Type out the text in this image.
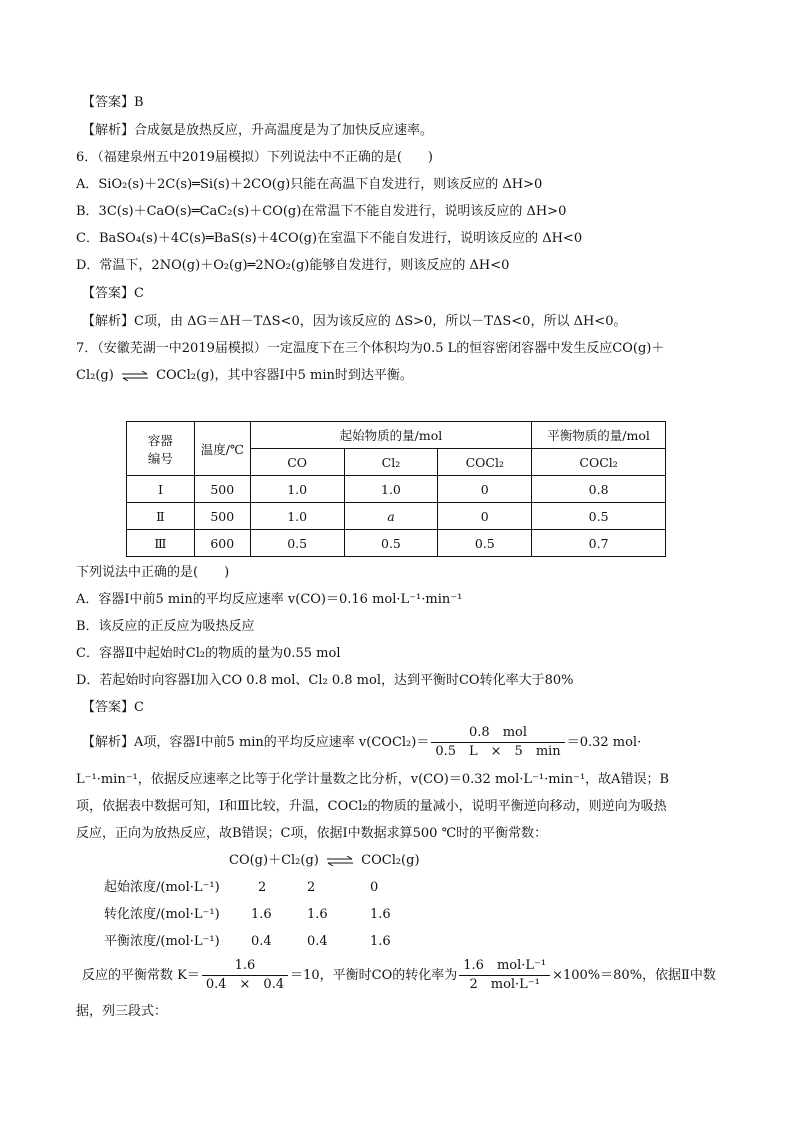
【答案】B
【解析】合成氨是放热反应，升高温度是为了加快反应速率。
6．（福建泉州五中2019届模拟）下列说法中不正确的是(　　)
A．SiO₂(s)＋2C(s)═Si(s)＋2CO(g)只能在高温下自发进行，则该反应的 ΔH>0
B．3C(s)＋CaO(s)═CaC₂(s)＋CO(g)在常温下不能自发进行，说明该反应的 ΔH>0
C．BaSO₄(s)＋4C(s)═BaS(s)＋4CO(g)在室温下不能自发进行，说明该反应的 ΔH<0
D．常温下，2NO(g)＋O₂(g)═2NO₂(g)能够自发进行，则该反应的 ΔH<0
【答案】C
【解析】C项，由 ΔG＝ΔH－TΔS<0，因为该反应的 ΔS>0，所以－TΔS<0，所以 ΔH<0。
7．（安徽芜湖一中2019届模拟）一定温度下在三个体积均为0.5 L的恒容密闭容器中发生反应CO(g)＋
Cl₂(g) ⇌ COCl₂(g)，其中容器Ⅰ中5 min时到达平衡。
容器
编号	温度/℃	起始物质的量/mol			平衡物质的量/mol
		CO	Cl₂	COCl₂	COCl₂
Ⅰ	500	1.0	1.0	0	0.8
Ⅱ	500	1.0	a	0	0.5
Ⅲ	600	0.5	0.5	0.5	0.7
下列说法中正确的是(　　)
A．容器Ⅰ中前5 min的平均反应速率 v(CO)＝0.16 mol·L⁻¹·min⁻¹
B．该反应的正反应为吸热反应
C．容器Ⅱ中起始时Cl₂的物质的量为0.55 mol
D．若起始时向容器Ⅰ加入CO 0.8 mol、Cl₂ 0.8 mol，达到平衡时CO转化率大于80%
【答案】C
【解析】A项，容器Ⅰ中前5 min的平均反应速率 v(COCl₂)＝ $\frac{\text{0.8　mol}}{0.5 L \times 5 \min} =0.32$ mol·
L⁻¹·min⁻¹，依据反应速率之比等于化学计量数之比分析，v(CO)＝0.32 mol·L⁻¹·min⁻¹，故A错误；B
项，依据表中数据可知，Ⅰ和Ⅲ比较，升温，COCl₂的物质的量减小，说明平衡逆向移动，则逆向为吸热
反应，正向为放热反应，故B错误；C项，依据Ⅰ中数据求算500 ℃时的平衡常数：
CO(g)＋Cl₂(g) ⇌ COCl₂(g)
起始浓度/(mol·L⁻¹)	2	2	0
转化浓度/(mol·L⁻¹) 1.6	1.6	1.6
平衡浓度/(mol·L⁻¹) 0.4	0.4	1.6
反应的平衡常数 $K= \frac{1.6}{0.4 \times 0.4} =10$，平衡时CO的转化率为 $\frac{\text{1.6　mol·L⁻¹}}{\text{2　mol·L⁻¹}} \times 100\%=80\%$，依据Ⅱ中数
据，列三段式：
